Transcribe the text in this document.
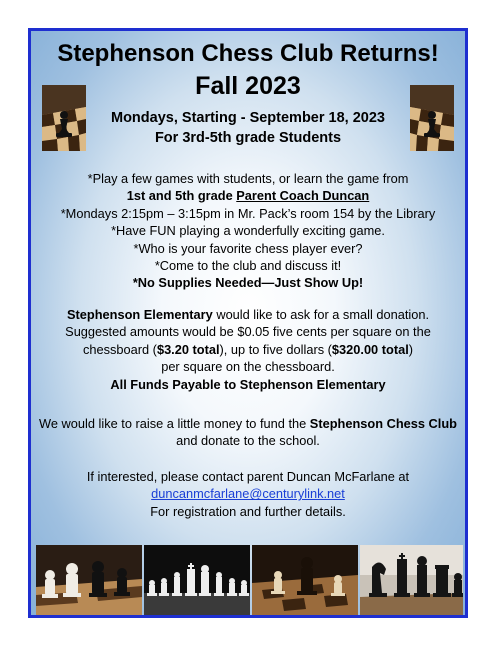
Stephenson Chess Club Returns!
Fall 2023
Mondays, Starting - September 18, 2023
For 3rd-5th grade Students
*Play a few games with students, or learn the game from
1st and 5th grade Parent Coach Duncan
*Mondays 2:15pm – 3:15pm in Mr. Pack’s room 154 by the Library
*Have FUN playing a wonderfully exciting game.
*Who is your favorite chess player ever?
*Come to the club and discuss it!
*No Supplies Needed—Just Show Up!
Stephenson Elementary would like to ask for a small donation.
Suggested amounts would be $0.05 five cents per square on the
chessboard ($3.20 total), up to five dollars ($320.00 total)
per square on the chessboard.
All Funds Payable to Stephenson Elementary
We would like to raise a little money to fund the Stephenson Chess Club
and donate to the school.
If interested, please contact parent Duncan McFarlane at
duncanmcfarlane@centurylink.net
For registration and further details.
